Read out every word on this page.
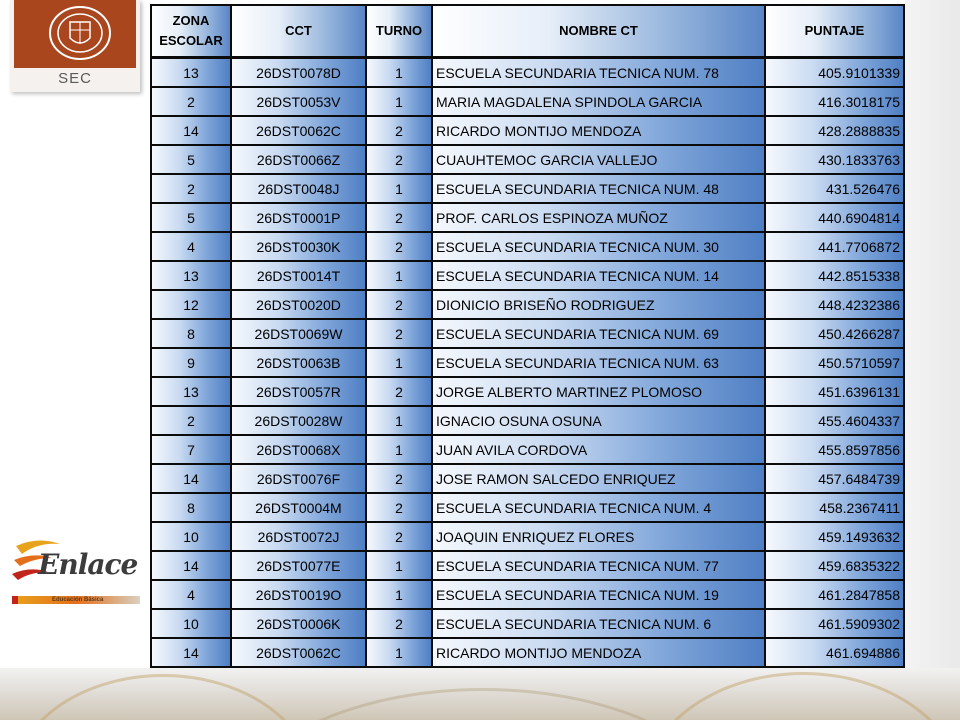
SEC
Enlace
Educación Básica
ZONA ESCOLAR	CCT	TURNO	NOMBRE CT	PUNTAJE
13	26DST0078D	1	ESCUELA SECUNDARIA TECNICA NUM. 78	405.9101339
2	26DST0053V	1	MARIA MAGDALENA SPINDOLA GARCIA	416.3018175
14	26DST0062C	2	RICARDO MONTIJO MENDOZA	428.2888835
5	26DST0066Z	2	CUAUHTEMOC GARCIA VALLEJO	430.1833763
2	26DST0048J	1	ESCUELA SECUNDARIA TECNICA NUM. 48	431.526476
5	26DST0001P	2	PROF. CARLOS ESPINOZA MUÑOZ	440.6904814
4	26DST0030K	2	ESCUELA SECUNDARIA TECNICA NUM. 30	441.7706872
13	26DST0014T	1	ESCUELA SECUNDARIA TECNICA NUM. 14	442.8515338
12	26DST0020D	2	DIONICIO BRISEÑO RODRIGUEZ	448.4232386
8	26DST0069W	2	ESCUELA SECUNDARIA TECNICA NUM. 69	450.4266287
9	26DST0063B	1	ESCUELA SECUNDARIA TECNICA NUM. 63	450.5710597
13	26DST0057R	2	JORGE ALBERTO MARTINEZ PLOMOSO	451.6396131
2	26DST0028W	1	IGNACIO OSUNA OSUNA	455.4604337
7	26DST0068X	1	JUAN AVILA CORDOVA	455.8597856
14	26DST0076F	2	JOSE RAMON SALCEDO ENRIQUEZ	457.6484739
8	26DST0004M	2	ESCUELA SECUNDARIA TECNICA NUM. 4	458.2367411
10	26DST0072J	2	JOAQUIN ENRIQUEZ FLORES	459.1493632
14	26DST0077E	1	ESCUELA SECUNDARIA TECNICA NUM. 77	459.6835322
4	26DST0019O	1	ESCUELA SECUNDARIA TECNICA NUM. 19	461.2847858
10	26DST0006K	2	ESCUELA SECUNDARIA TECNICA NUM. 6	461.5909302
14	26DST0062C	1	RICARDO MONTIJO MENDOZA	461.694886
